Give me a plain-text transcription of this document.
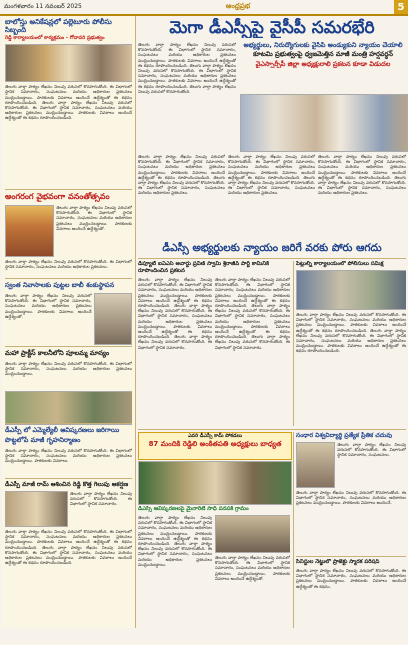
మంగళవారం 11 నవంబర్ 2025	ఆంధ్రప్రభ	5
బాలోస్తు అనికేషన్లలో పల్లెటూరు పోలీసు సిబ్బంది
రెడ్డి కార్యాలయంలో కార్యక్రమం - గోదావరి ప్రభుత్వం
తెలుగు వార్తా పాఠ్యం లేఖనం నిలువు వరుసలో కొనసాగుతోంది. ఈ విభాగంలో స్థానిక సమాచారం, సంఘటనలు మరియు అధికారుల ప్రకటనలు ముద్రించబడ్డాయి. పాఠకులకు వివరాలు అందించే ఉద్దేశ్యంతో ఈ కథనం రూపొందించబడింది. తెలుగు వార్తా పాఠ్యం లేఖనం నిలువు వరుసలో కొనసాగుతోంది. ఈ విభాగంలో స్థానిక సమాచారం, సంఘటనలు మరియు అధికారుల ప్రకటనలు ముద్రించబడ్డాయి. పాఠకులకు వివరాలు అందించే ఉద్దేశ్యంతో ఈ కథనం రూపొందించబడింది.
అంగరంగ వైభవంగా వనంతోత్సవం
తెలుగు వార్తా పాఠ్యం లేఖనం నిలువు వరుసలో కొనసాగుతోంది. ఈ విభాగంలో స్థానిక సమాచారం, సంఘటనలు మరియు అధికారుల ప్రకటనలు ముద్రించబడ్డాయి. పాఠకులకు వివరాలు అందించే ఉద్దేశ్యంతో.
తెలుగు వార్తా పాఠ్యం లేఖనం నిలువు వరుసలో కొనసాగుతోంది. ఈ విభాగంలో స్థానిక సమాచారం, సంఘటనలు మరియు అధికారుల ప్రకటనలు.
స్వంత నివాసాలకు పుట్టల బాబీ శంకుస్థాపన
తెలుగు వార్తా పాఠ్యం లేఖనం నిలువు వరుసలో కొనసాగుతోంది. ఈ విభాగంలో స్థానిక సమాచారం, సంఘటనలు మరియు అధికారుల ప్రకటనలు ముద్రించబడ్డాయి. పాఠకులకు వివరాలు అందించే ఉద్దేశ్యంతో.
మహా ప్రాక్టీస్ కాలనీలోని పూలమ్మ మాన్యం
తెలుగు వార్తా పాఠ్యం లేఖనం నిలువు వరుసలో కొనసాగుతోంది. ఈ విభాగంలో స్థానిక సమాచారం, సంఘటనలు మరియు అధికారుల ప్రకటనలు ముద్రించబడ్డాయి.
డీఎస్పీ లో ఎమ్మెల్యేలీ ఆవిష్కరణలు జరిగాయి పొట్టలోపే మాజీ గృహనిర్మాణం
తెలుగు వార్తా పాఠ్యం లేఖనం నిలువు వరుసలో కొనసాగుతోంది. ఈ విభాగంలో స్థానిక సమాచారం, సంఘటనలు మరియు అధికారుల ప్రకటనలు ముద్రించబడ్డాయి. పాఠకులకు వివరాలు.
డీఎస్పీ మాజీ రామ్ ఆశించిన రెడ్డి కొత్త గెలుపు ఆకర్షణ
తెలుగు వార్తా పాఠ్యం లేఖనం నిలువు వరుసలో కొనసాగుతోంది. ఈ విభాగంలో స్థానిక సమాచారం.
తెలుగు వార్తా పాఠ్యం లేఖనం నిలువు వరుసలో కొనసాగుతోంది. ఈ విభాగంలో స్థానిక సమాచారం, సంఘటనలు మరియు అధికారుల ప్రకటనలు ముద్రించబడ్డాయి. పాఠకులకు వివరాలు అందించే ఉద్దేశ్యంతో ఈ కథనం రూపొందించబడింది. తెలుగు వార్తా పాఠ్యం లేఖనం నిలువు వరుసలో కొనసాగుతోంది. ఈ విభాగంలో స్థానిక సమాచారం, సంఘటనలు మరియు అధికారుల ప్రకటనలు ముద్రించబడ్డాయి. పాఠకులకు వివరాలు అందించే ఉద్దేశ్యంతో ఈ కథనం రూపొందించబడింది.
మెగా డీఎస్సీపై వైసీపీ సమరభేరి
తెలుగు వార్తా పాఠ్యం లేఖనం నిలువు వరుసలో కొనసాగుతోంది. ఈ విభాగంలో స్థానిక సమాచారం, సంఘటనలు మరియు అధికారుల ప్రకటనలు ముద్రించబడ్డాయి. పాఠకులకు వివరాలు అందించే ఉద్దేశ్యంతో ఈ కథనం రూపొందించబడింది. తెలుగు వార్తా పాఠ్యం లేఖనం నిలువు వరుసలో కొనసాగుతోంది. ఈ విభాగంలో స్థానిక సమాచారం, సంఘటనలు మరియు అధికారుల ప్రకటనలు ముద్రించబడ్డాయి. పాఠకులకు వివరాలు అందించే ఉద్దేశ్యంతో ఈ కథనం రూపొందించబడింది. తెలుగు వార్తా పాఠ్యం లేఖనం నిలువు వరుసలో కొనసాగుతోంది.
అభ్యర్థులు, నిరుద్యోగులకు వైసీపీ అండ్యుకుని న్యాయం చేయాలి
కూటమి ప్రభుత్వంపై ధ్వజమెత్తిన మాజీ మంత్రి హర్షవర్ధన్
వైఎస్సార్సీపీ జిల్లా అధ్యక్షురాలి ప్రకటన కూడా విడుదల
తెలుగు వార్తా పాఠ్యం లేఖనం నిలువు వరుసలో కొనసాగుతోంది. ఈ విభాగంలో స్థానిక సమాచారం, సంఘటనలు మరియు అధికారుల ప్రకటనలు ముద్రించబడ్డాయి. పాఠకులకు వివరాలు అందించే ఉద్దేశ్యంతో ఈ కథనం రూపొందించబడింది. తెలుగు వార్తా పాఠ్యం లేఖనం నిలువు వరుసలో కొనసాగుతోంది. ఈ విభాగంలో స్థానిక సమాచారం, సంఘటనలు మరియు అధికారుల ప్రకటనలు.
తెలుగు వార్తా పాఠ్యం లేఖనం నిలువు వరుసలో కొనసాగుతోంది. ఈ విభాగంలో స్థానిక సమాచారం, సంఘటనలు మరియు అధికారుల ప్రకటనలు ముద్రించబడ్డాయి. పాఠకులకు వివరాలు అందించే ఉద్దేశ్యంతో ఈ కథనం రూపొందించబడింది. తెలుగు వార్తా పాఠ్యం లేఖనం నిలువు వరుసలో కొనసాగుతోంది. ఈ విభాగంలో స్థానిక సమాచారం, సంఘటనలు మరియు అధికారుల ప్రకటనలు.
తెలుగు వార్తా పాఠ్యం లేఖనం నిలువు వరుసలో కొనసాగుతోంది. ఈ విభాగంలో స్థానిక సమాచారం, సంఘటనలు మరియు అధికారుల ప్రకటనలు ముద్రించబడ్డాయి. పాఠకులకు వివరాలు అందించే ఉద్దేశ్యంతో ఈ కథనం రూపొందించబడింది. తెలుగు వార్తా పాఠ్యం లేఖనం నిలువు వరుసలో కొనసాగుతోంది. ఈ విభాగంలో స్థానిక సమాచారం, సంఘటనలు మరియు అధికారుల ప్రకటనలు.
డీఎస్సీ అభ్యర్థులకు న్యాయం జరిగే వరకు పోరు ఆగదు
డిప్యూటీ ఐఏఎస్ అవార్డు ప్రవీణ్ స్వామి శ్రీరాజీవ్ పార్టీ కామినికి రూపొందించిన ప్రకటన
తెలుగు వార్తా పాఠ్యం లేఖనం నిలువు వరుసలో కొనసాగుతోంది. ఈ విభాగంలో స్థానిక సమాచారం, సంఘటనలు మరియు అధికారుల ప్రకటనలు ముద్రించబడ్డాయి. పాఠకులకు వివరాలు అందించే ఉద్దేశ్యంతో ఈ కథనం రూపొందించబడింది. తెలుగు వార్తా పాఠ్యం లేఖనం నిలువు వరుసలో కొనసాగుతోంది. ఈ విభాగంలో స్థానిక సమాచారం, సంఘటనలు మరియు అధికారుల ప్రకటనలు ముద్రించబడ్డాయి. పాఠకులకు వివరాలు అందించే ఉద్దేశ్యంతో ఈ కథనం రూపొందించబడింది. తెలుగు వార్తా పాఠ్యం లేఖనం నిలువు వరుసలో కొనసాగుతోంది. ఈ విభాగంలో స్థానిక సమాచారం.
తెలుగు వార్తా పాఠ్యం లేఖనం నిలువు వరుసలో కొనసాగుతోంది. ఈ విభాగంలో స్థానిక సమాచారం, సంఘటనలు మరియు అధికారుల ప్రకటనలు ముద్రించబడ్డాయి. పాఠకులకు వివరాలు అందించే ఉద్దేశ్యంతో ఈ కథనం రూపొందించబడింది. తెలుగు వార్తా పాఠ్యం లేఖనం నిలువు వరుసలో కొనసాగుతోంది. ఈ విభాగంలో స్థానిక సమాచారం, సంఘటనలు మరియు అధికారుల ప్రకటనలు ముద్రించబడ్డాయి. పాఠకులకు వివరాలు అందించే ఉద్దేశ్యంతో ఈ కథనం రూపొందించబడింది. తెలుగు వార్తా పాఠ్యం లేఖనం నిలువు వరుసలో కొనసాగుతోంది. ఈ విభాగంలో స్థానిక సమాచారం.
పేట్లుల్ని కార్యాలయంలో పోలీసులు సమీక్ష
తెలుగు వార్తా పాఠ్యం లేఖనం నిలువు వరుసలో కొనసాగుతోంది. ఈ విభాగంలో స్థానిక సమాచారం, సంఘటనలు మరియు అధికారుల ప్రకటనలు ముద్రించబడ్డాయి. పాఠకులకు వివరాలు అందించే ఉద్దేశ్యంతో ఈ కథనం రూపొందించబడింది. తెలుగు వార్తా పాఠ్యం లేఖనం నిలువు వరుసలో కొనసాగుతోంది. ఈ విభాగంలో స్థానిక సమాచారం, సంఘటనలు మరియు అధికారుల ప్రకటనలు ముద్రించబడ్డాయి. పాఠకులకు వివరాలు అందించే ఉద్దేశ్యంతో ఈ కథనం రూపొందించబడింది.
ఎవరి డీఎస్సీ కామ్ పోకడలు
87 మందికి రెడ్డిలి అంకితపతి అధ్యక్షులు బాధ్యత
డీఎస్సీ ఆవిష్కరణలపై మైనారిటీ సాధి పనపకి గ్రామం
తెలుగు వార్తా పాఠ్యం లేఖనం నిలువు వరుసలో కొనసాగుతోంది. ఈ విభాగంలో స్థానిక సమాచారం, సంఘటనలు మరియు అధికారుల ప్రకటనలు ముద్రించబడ్డాయి. పాఠకులకు వివరాలు అందించే ఉద్దేశ్యంతో ఈ కథనం రూపొందించబడింది. తెలుగు వార్తా పాఠ్యం లేఖనం నిలువు వరుసలో కొనసాగుతోంది. ఈ విభాగంలో స్థానిక సమాచారం, సంఘటనలు మరియు అధికారుల ప్రకటనలు ముద్రించబడ్డాయి.
తెలుగు వార్తా పాఠ్యం లేఖనం నిలువు వరుసలో కొనసాగుతోంది. ఈ విభాగంలో స్థానిక సమాచారం, సంఘటనలు మరియు అధికారుల ప్రకటనలు ముద్రించబడ్డాయి. పాఠకులకు వివరాలు అందించే ఉద్దేశ్యంతో.
సంధార విశ్వవిద్యార్థి ప్రత్యేక ప్రీతిక చదువు
తెలుగు వార్తా పాఠ్యం లేఖనం నిలువు వరుసలో కొనసాగుతోంది. ఈ విభాగంలో స్థానిక సమాచారం, సంఘటనలు.
తెలుగు వార్తా పాఠ్యం లేఖనం నిలువు వరుసలో కొనసాగుతోంది. ఈ విభాగంలో స్థానిక సమాచారం, సంఘటనలు మరియు అధికారుల ప్రకటనలు ముద్రించబడ్డాయి. పాఠకులకు వివరాలు అందించే.
సీనిస్టుల నెట్జులో ప్రాజెక్టు స్మారక పరిషద్
తెలుగు వార్తా పాఠ్యం లేఖనం నిలువు వరుసలో కొనసాగుతోంది. ఈ విభాగంలో స్థానిక సమాచారం, సంఘటనలు మరియు అధికారుల ప్రకటనలు ముద్రించబడ్డాయి. పాఠకులకు వివరాలు అందించే ఉద్దేశ్యంతో ఈ కథనం.
